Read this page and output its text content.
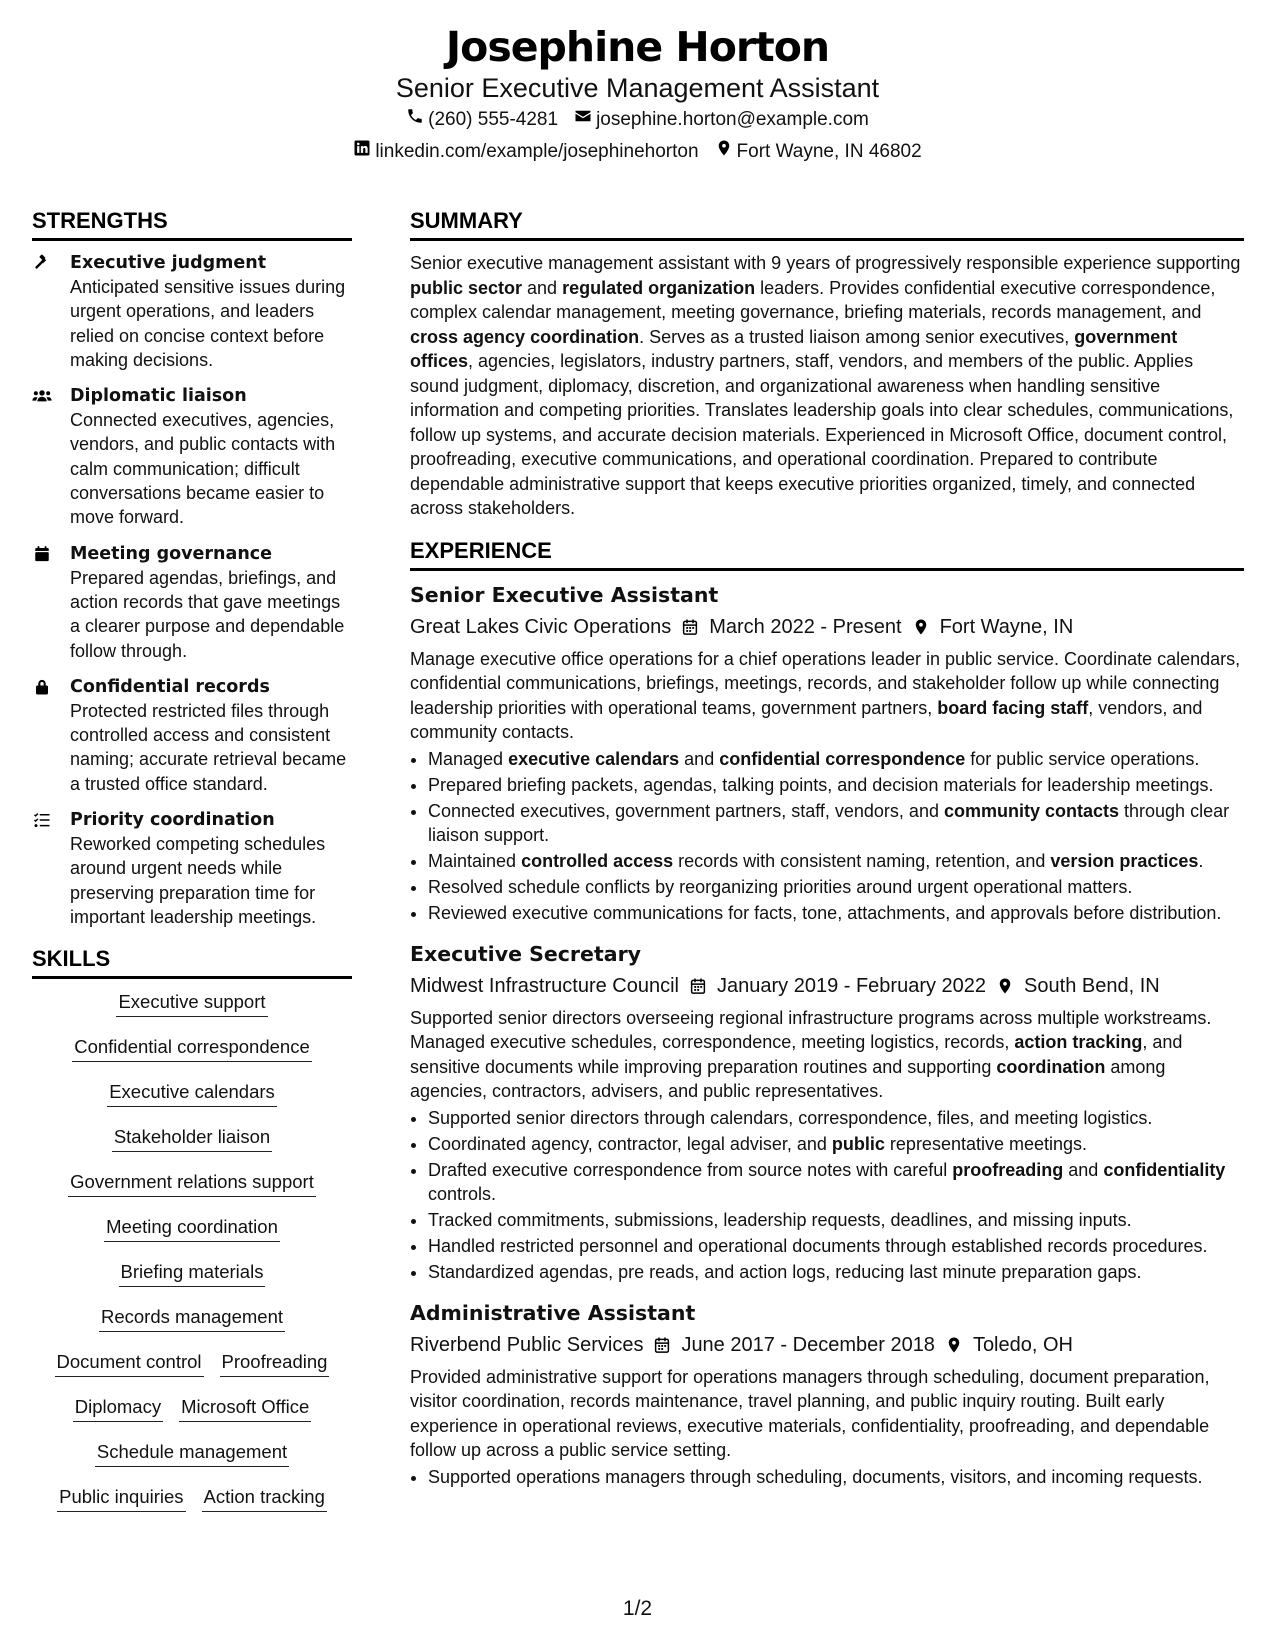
Josephine Horton
Senior Executive Management Assistant
(260) 555-4281 josephine.horton@example.com
linkedin.com/example/josephinehorton Fort Wayne, IN 46802
STRENGTHS
Executive judgment
Anticipated sensitive issues during urgent operations, and leaders relied on concise context before making decisions.
Diplomatic liaison
Connected executives, agencies, vendors, and public contacts with calm communication; difficult conversations became easier to move forward.
Meeting governance
Prepared agendas, briefings, and action records that gave meetings a clearer purpose and dependable follow through.
Confidential records
Protected restricted files through controlled access and consistent naming; accurate retrieval became a trusted office standard.
Priority coordination
Reworked competing schedules around urgent needs while preserving preparation time for important leadership meetings.
SKILLS
Executive support
Confidential correspondence
Executive calendars
Stakeholder liaison
Government relations support
Meeting coordination
Briefing materials
Records management
Document control Proofreading
Diplomacy Microsoft Office
Schedule management
Public inquiries Action tracking
SUMMARY

Senior executive management assistant with 9 years of progressively responsible experience supporting public sector and regulated organization leaders. Provides confidential executive correspondence, complex calendar management, meeting governance, briefing materials, records management, and cross agency coordination. Serves as a trusted liaison among senior executives, government offices, agencies, legislators, industry partners, staff, vendors, and members of the public. Applies sound judgment, diplomacy, discretion, and organizational awareness when handling sensitive information and competing priorities. Translates leadership goals into clear schedules, communications, follow up systems, and accurate decision materials. Experienced in Microsoft Office, document control, proofreading, executive communications, and operational coordination. Prepared to contribute dependable administrative support that keeps executive priorities organized, timely, and connected across stakeholders.

EXPERIENCE
Senior Executive Assistant
Great Lakes Civic Operations March 2022 - Present Fort Wayne, IN

Manage executive office operations for a chief operations leader in public service. Coordinate calendars, confidential communications, briefings, meetings, records, and stakeholder follow up while connecting leadership priorities with operational teams, government partners, board facing staff, vendors, and community contacts.

• Managed executive calendars and confidential correspondence for public service operations.
• Prepared briefing packets, agendas, talking points, and decision materials for leadership meetings.
• Connected executives, government partners, staff, vendors, and community contacts through clear liaison support.
• Maintained controlled access records with consistent naming, retention, and version practices.
• Resolved schedule conflicts by reorganizing priorities around urgent operational matters.
• Reviewed executive communications for facts, tone, attachments, and approvals before distribution.
Executive Secretary
Midwest Infrastructure Council January 2019 - February 2022 South Bend, IN

Supported senior directors overseeing regional infrastructure programs across multiple workstreams. Managed executive schedules, correspondence, meeting logistics, records, action tracking, and sensitive documents while improving preparation routines and supporting coordination among agencies, contractors, advisers, and public representatives.

• Supported senior directors through calendars, correspondence, files, and meeting logistics.
• Coordinated agency, contractor, legal adviser, and public representative meetings.
• Drafted executive correspondence from source notes with careful proofreading and confidentiality controls.
• Tracked commitments, submissions, leadership requests, deadlines, and missing inputs.
• Handled restricted personnel and operational documents through established records procedures.
• Standardized agendas, pre reads, and action logs, reducing last minute preparation gaps.
Administrative Assistant
Riverbend Public Services June 2017 - December 2018 Toledo, OH

Provided administrative support for operations managers through scheduling, document preparation, visitor coordination, records maintenance, travel planning, and public inquiry routing. Built early experience in operational reviews, executive materials, confidentiality, proofreading, and dependable follow up across a public service setting.

• Supported operations managers through scheduling, documents, visitors, and incoming requests.
1/2
